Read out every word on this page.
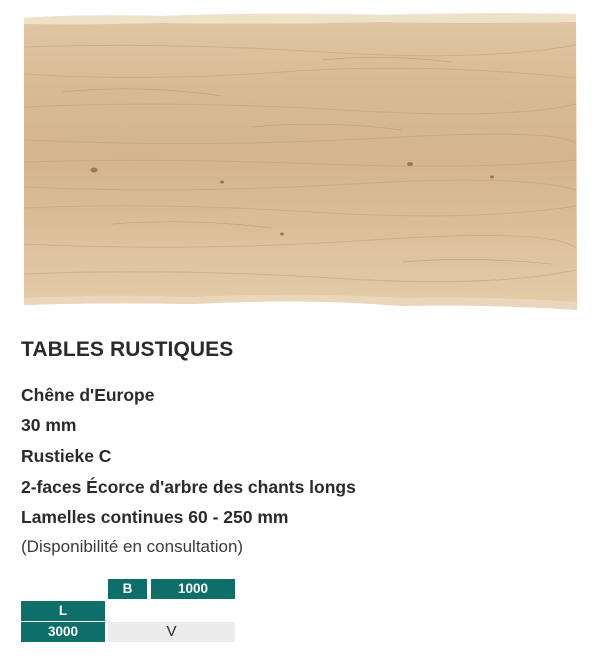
TABLES RUSTIQUES
Chêne d'Europe
30 mm
Rustieke C
2-faces Écorce d'arbre des chants longs
Lamelles continues 60 - 250 mm
(Disponibilité en consultation)
B	1000
L
3000	V
